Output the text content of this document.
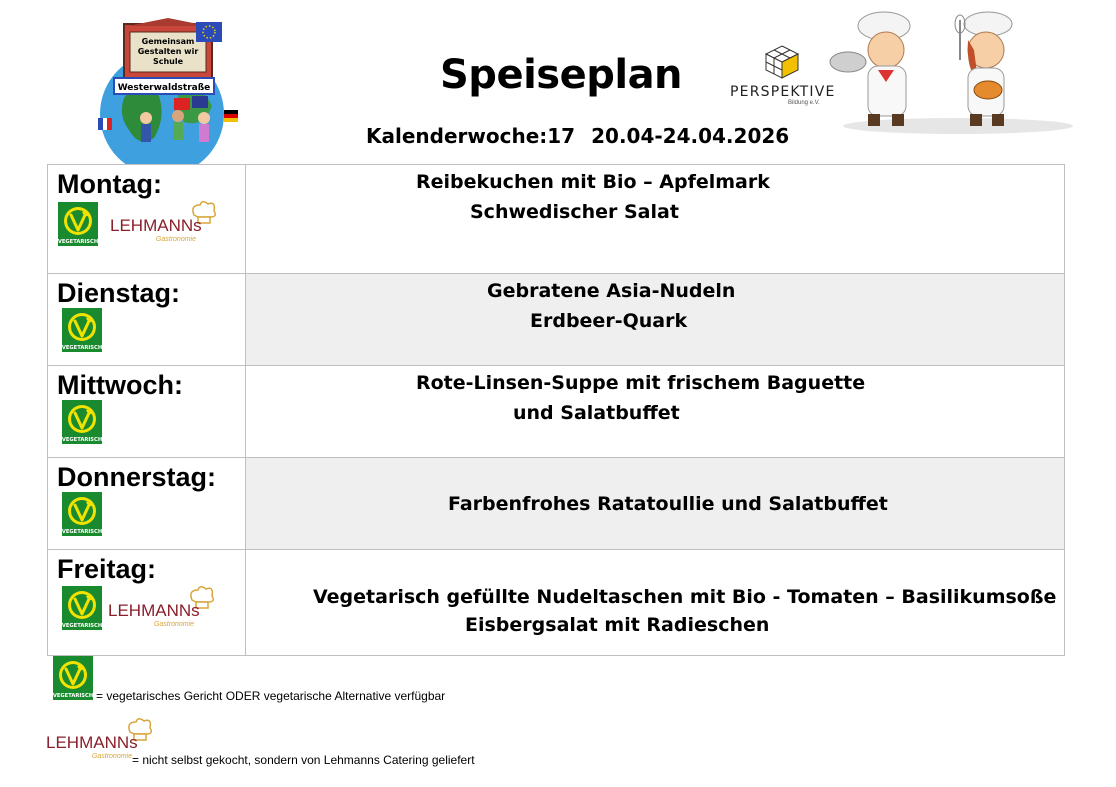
Gemeinsam
Gestalten wir
Schule
Westerwaldstraße	Speiseplan
Kalenderwoche:17 20.04-24.04.2026
PERSPEKTIVE
Bildung e.V.
Montag:
VEGETARISCH
LEHMANNs
Gastronomie
Reibekuchen mit Bio – Apfelmark
Schwedischer Salat
Dienstag:
VEGETARISCH
Gebratene Asia-Nudeln
Erdbeer-Quark
Mittwoch:
VEGETARISCH
Rote-Linsen-Suppe mit frischem Baguette
und Salatbuffet
Donnerstag:
VEGETARISCH
Farbenfrohes Ratatoullie und Salatbuffet
Freitag:
VEGETARISCH
LEHMANNs
Gastronomie
Vegetarisch gefüllte Nudeltaschen mit Bio - Tomaten – Basilikumsoße
Eisbergsalat mit Radieschen
VEGETARISCH = vegetarisches Gericht ODER vegetarische Alternative verfügbar
LEHMANNs
Gastronomie = nicht selbst gekocht, sondern von Lehmanns Catering geliefert
